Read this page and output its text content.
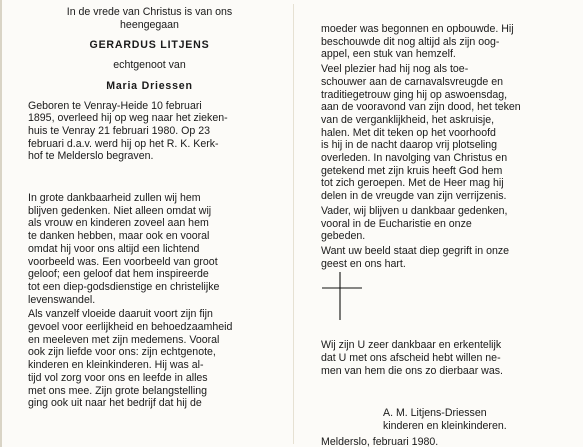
In de vrede van Christus is van ons

heengegaan

GERARDUS LITJENS

echtgenoot van

Maria Driessen

Geboren te Venray-Heide 10 februari

1895, overleed hij op weg naar het zieken-

huis te Venray 21 februari 1980. Op 23

februari d.a.v. werd hij op het R. K. Kerk-

hof te Melderslo begraven.

In grote dankbaarheid zullen wij hem

blijven gedenken. Niet alleen omdat wij

als vrouw en kinderen zoveel aan hem

te danken hebben, maar ook en vooral

omdat hij voor ons altijd een lichtend

voorbeeld was. Een voorbeeld van groot

geloof; een geloof dat hem inspireerde

tot een diep-godsdienstige en christelijke

levenswandel.

Als vanzelf vloeide daaruit voort zijn fijn

gevoel voor eerlijkheid en behoedzaamheid

en meeleven met zijn medemens. Vooral

ook zijn liefde voor ons: zijn echtgenote,

kinderen en kleinkinderen. Hij was al-

tijd vol zorg voor ons en leefde in alles

met ons mee. Zijn grote belangstelling

ging ook uit naar het bedrijf dat hij de

moeder was begonnen en opbouwde. Hij

beschouwde dit nog altijd als zijn oog-

appel, een stuk van hemzelf.

Veel plezier had hij nog als toe-

schouwer aan de carnavalsvreugde en

traditiegetrouw ging hij op aswoensdag,

aan de vooravond van zijn dood, het teken

van de verganklijkheid, het askruisje,

halen. Met dit teken op het voorhoofd

is hij in de nacht daarop vrij plotseling

overleden. In navolging van Christus en

getekend met zijn kruis heeft God hem

tot zich geroepen. Met de Heer mag hij

delen in de vreugde van zijn verrijzenis.

Vader, wij blijven u dankbaar gedenken,

vooral in de Eucharistie en onze

gebeden.

Want uw beeld staat diep gegrift in onze

geest en ons hart.

Wij zijn U zeer dankbaar en erkentelijk

dat U met ons afscheid hebt willen ne-

men van hem die ons zo dierbaar was.

A. M. Litjens-Driessen
kinderen en kleinkinderen.
Melderslo, februari 1980.
